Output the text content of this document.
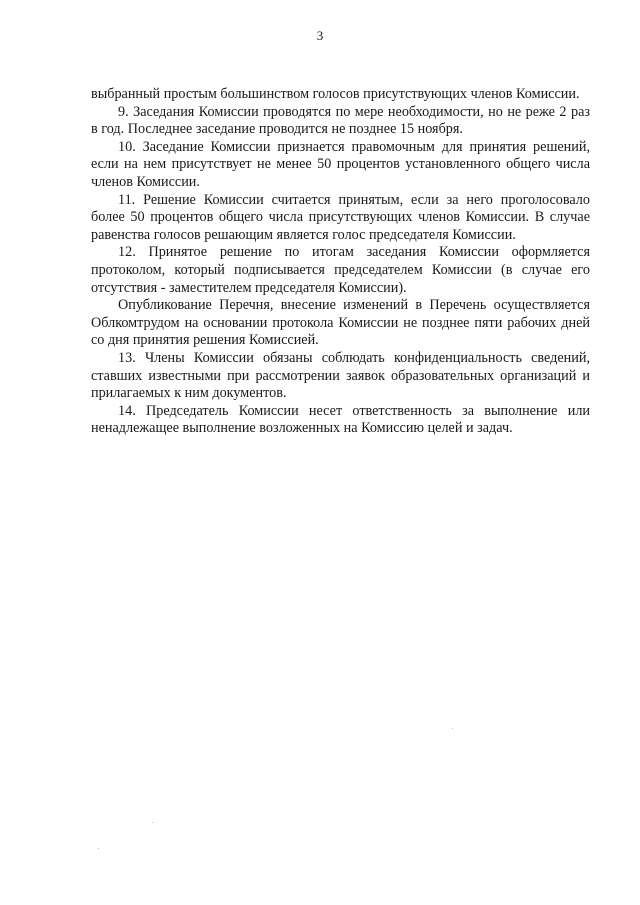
3

выбранный простым большинством голосов присутствующих членов Комиссии.

9. Заседания Комиссии проводятся по мере необходимости, но не реже 2 раз в год. Последнее заседание проводится не позднее 15 ноября.

10. Заседание Комиссии признается правомочным для принятия решений, если на нем присутствует не менее 50 процентов установленного общего числа членов Комиссии.

11. Решение Комиссии считается принятым, если за него проголосовало более 50 процентов общего числа присутствующих членов Комиссии. В случае равенства голосов решающим является голос председателя Комиссии.

12. Принятое решение по итогам заседания Комиссии оформляется протоколом, который подписывается председателем Комиссии (в случае его отсутствия - заместителем председателя Комиссии).

Опубликование Перечня, внесение изменений в Перечень осуществляется Облкомтрудом на основании протокола Комиссии не позднее пяти рабочих дней со дня принятия решения Комиссией.

13. Члены Комиссии обязаны соблюдать конфиденциальность сведений, ставших известными при рассмотрении заявок образовательных организаций и прилагаемых к ним документов.

14. Председатель Комиссии несет ответственность за выполнение или ненадлежащее выполнение возложенных на Комиссию целей и задач.
